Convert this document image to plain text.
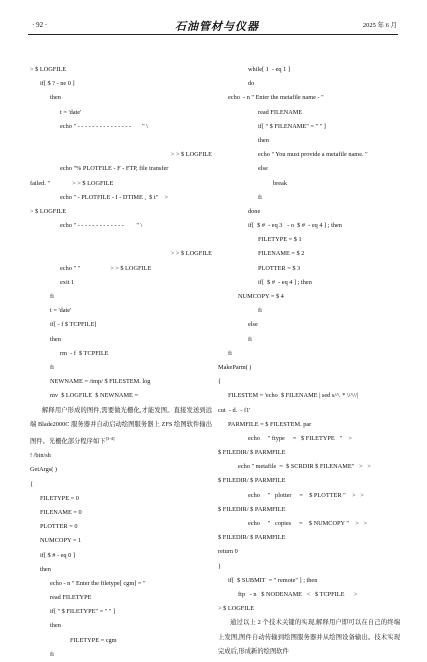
· 92 ·	石油管材与仪器	2025 年 6 月
> $ LOGFILE
if[ $ ? - ne 0 ]
then
t = 'date'
echo " - - - - - - - - - - - - - - -       " \
> > $ LOGFILE
echo "% PLOTFILE - F - FTP, file transfer
failed. "              > > $ LOGFILE
echo " - PLOTFILE - I - DTIME ,  $ t"    >
> $ LOGFILE
echo " - - - - - - - - - - - - -        " \
> > $ LOGFILE
echo " "                   > > $ LOGFILE
exit 1
fi
t = 'date'
if[ - f $ TCPFILE]
then
rm  - f  $ TCPFILE
fi
NEWNAME = /tmp/ $ FILESTEM. log
mv  $ LOGFILE  $ NEWNAME =
解释用户形成的图件,需要做光栅化,才能发图。直接发送到远端 Blade2000C 服务器并自动启动绘图服务器上 ZFS 绘图软件输出图件。光栅化部分程序如下[3-4]
! /bin/sh
GetArgs( )
{
FILETYPE = 0
FILENAME = 0
PLOTTER = 0
NUMCOPY = 1
if[ $ # - eq 0 ]
then
echo - n " Enter the filetype[ cgm] = "
read FILETYPE
if[ " $ FILETYPE" = " " ]
then
FILETYPE = cgm
fi
while[ 1  - eq 1 ]
do
echo  - n " Enter the metafile name - "
read FILENAME
if[ " $ FILENAME" = " " ]
then
echo " You must provide a metafile name. "
else
break
fi
done
if[  $ #  - eq 3   - o  $ #  - eq 4 ] ; then
FILETYPE = $ 1
FILENAME = $ 2
PLOTTER = $ 3
if[  $ #  - eq 4 ] ; then
NUMCOPY = $ 4
fi
else
fi
fi
MakeParm( )
{
FILESTEM = 'echo  $ FILENAME | sed s/^. * \/^//|
cut  - d.  - f1'
PARMFILE = $ FILESTEM. par
echo     " ftype     =   $ FILETYPE   "    >
$ FILEDIR/ $ PARMFILE
echo " metafile  =  $ SCRDIR $ FILENAME"   >   >
$ FILEDIR/ $ PARMFILE
echo     "   plotter     =    $ PLOTTER "    >   >
$ FILEDIR/ $ PARMFILE
echo     "   copies     =    $ NUMCOPY "    >   >
$ FILEDIR/ $ PARMFILE
return 0
}
if[  $ SUBMIT  = " remote" ] ; then
ftp   - n   $ NODENAME   <   $ TCPFILE      >
> $ LOGFILE
通过以上 2 个技术关键的实现,解释用户即可以在自己的终端上发图,图件自动传输到绘图服务器并从绘图设备输出。技术实现完成后,形成新的绘图软件
